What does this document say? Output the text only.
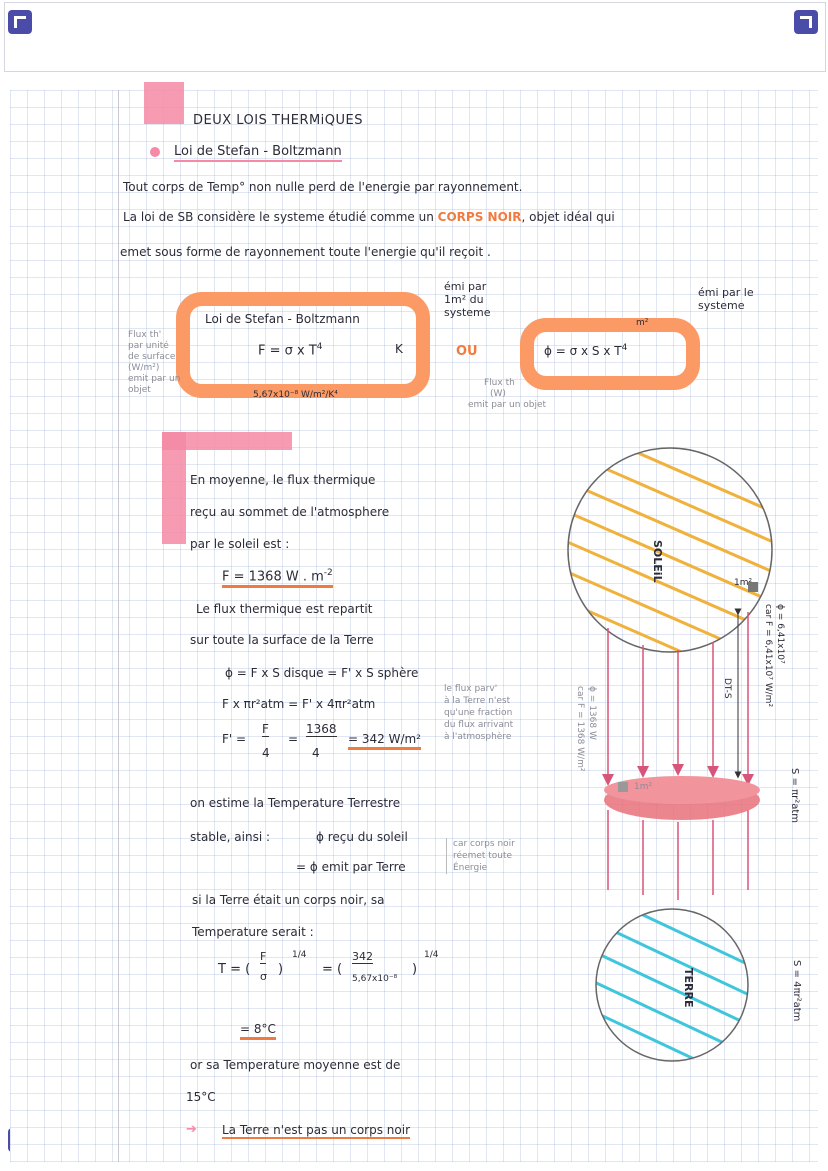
DEUX LOIS THERMiQUES
Loi de Stefan - Boltzmann
Tout corps de Temp° non nulle perd de l'energie par rayonnement.
La loi de SB considère le systeme étudié comme un CORPS NOIR, objet idéal qui
emet sous forme de rayonnement toute l'energie qu'il reçoit .
Loi de Stefan - Boltzmann
F = σ x $T^4$	K
5,67x10⁻⁸ W/m²/K⁴
Flux th'
par unité
de surface
(W/m²)
emit par un
objet
émi par
1m² du
systeme
OU	ϕ = σ x S x $T^4$
m²
émi par le
systeme
Flux th
(W)
emit par un objet
En moyenne, le flux thermique
reçu au sommet de l'atmosphere
par le soleil est :
F = 1368 W . $m^{-2}$
Le flux thermique est repartit
sur toute la surface de la Terre
ϕ = F x S disque = F' x S sphère
F x πr²atm = F' x 4πr²atm
F' =
F
4
=
1368
4
= 342 W/m²
le flux parv'
à la Terre n'est
qu'une fraction
du flux arrivant
à l'atmosphère
on estime la Temperature Terrestre
stable, ainsi :	ϕ reçu du soleil
= ϕ emit par Terre
car corps noir
réemet toute
Énergie
si la Terre était un corps noir, sa
Temperature serait :
T = (
F
σ )
1/4
= (
342
5,67x10⁻⁸
)
1/4
= 8°C
or sa Temperature moyenne est de
15°C
➔ La Terre n'est pas un corps noir
SOLEiL
TERRE
1m²
1m²
ϕ = 6,41x10⁷
car F = 6,41x10⁷ W/m²
ϕ = 1368 W
car F = 1368 W/m²	DT-S
S = πr²atm
S = 4πr²atm
